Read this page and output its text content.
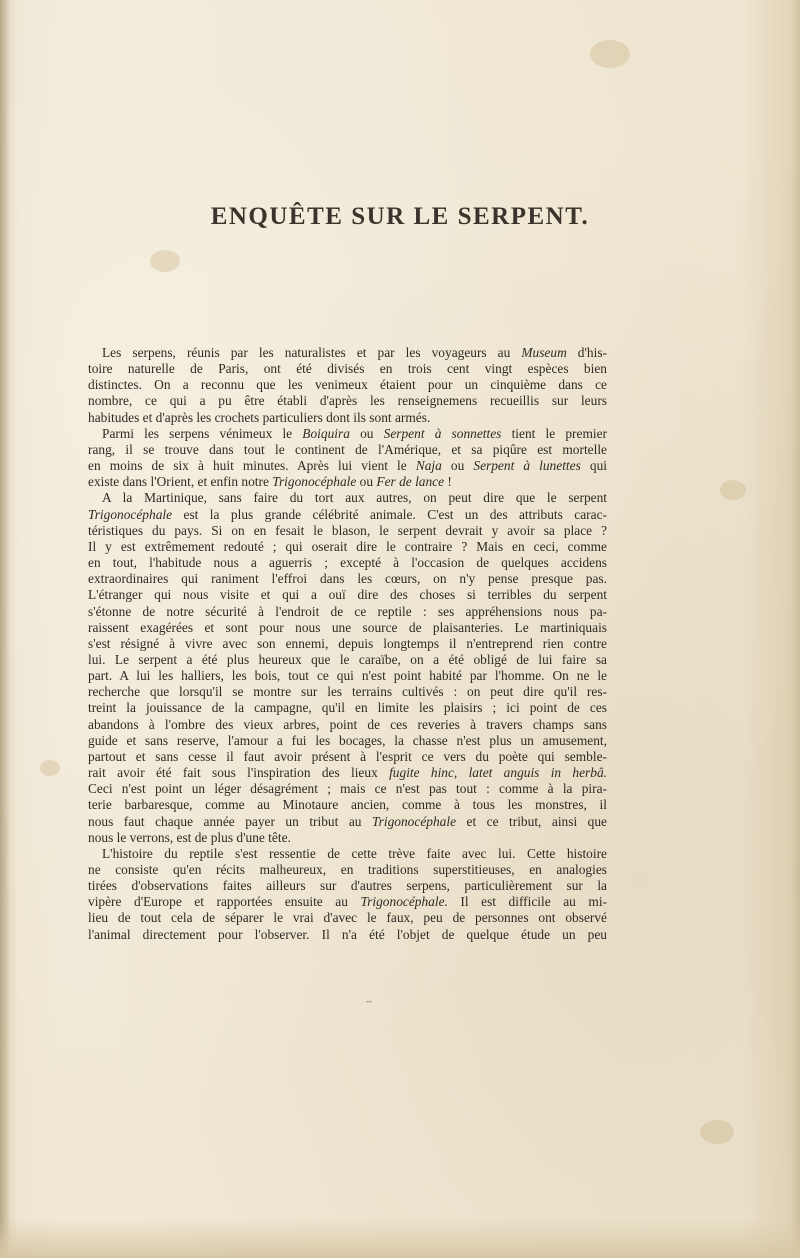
ENQUÊTE SUR LE SERPENT.
Les serpens, réunis par les naturalistes et par les voyageurs au Museum d'his-
toire naturelle de Paris, ont été divisés en trois cent vingt espèces bien
distinctes. On a reconnu que les venimeux étaient pour un cinquième dans ce
nombre, ce qui a pu être établi d'après les renseignemens recueillis sur leurs
habitudes et d'après les crochets particuliers dont ils sont armés.
Parmi les serpens vénimeux le Boiquira ou Serpent à sonnettes tient le premier
rang, il se trouve dans tout le continent de l'Amérique, et sa piqûre est mortelle
en moins de six à huit minutes. Après lui vient le Naja ou Serpent à lunettes qui
existe dans l'Orient, et enfin notre Trigonocéphale ou Fer de lance !
A la Martinique, sans faire du tort aux autres, on peut dire que le serpent
Trigonocéphale est la plus grande célébrité animale. C'est un des attributs carac-
téristiques du pays. Si on en fesait le blason, le serpent devrait y avoir sa place ?
Il y est extrêmement redouté ; qui oserait dire le contraire ? Mais en ceci, comme
en tout, l'habitude nous a aguerris ; excepté à l'occasion de quelques accidens
extraordinaires qui raniment l'effroi dans les cœurs, on n'y pense presque pas.
L'étranger qui nous visite et qui a ouï dire des choses si terribles du serpent
s'étonne de notre sécurité à l'endroit de ce reptile : ses appréhensions nous pa-
raissent exagérées et sont pour nous une source de plaisanteries. Le martiniquais
s'est résigné à vivre avec son ennemi, depuis longtemps il n'entreprend rien contre
lui. Le serpent a été plus heureux que le caraïbe, on a été obligé de lui faire sa
part. A lui les halliers, les bois, tout ce qui n'est point habité par l'homme. On ne le
recherche que lorsqu'il se montre sur les terrains cultivés : on peut dire qu'il res-
treint la jouissance de la campagne, qu'il en limite les plaisirs ; ici point de ces
abandons à l'ombre des vieux arbres, point de ces reveries à travers champs sans
guide et sans reserve, l'amour a fui les bocages, la chasse n'est plus un amusement,
partout et sans cesse il faut avoir présent à l'esprit ce vers du poète qui semble-
rait avoir été fait sous l'inspiration des lieux fugite hinc, latet anguis in herbâ.
Ceci n'est point un léger désagrément ; mais ce n'est pas tout : comme à la pira-
terie barbaresque, comme au Minotaure ancien, comme à tous les monstres, il
nous faut chaque année payer un tribut au Trigonocéphale et ce tribut, ainsi que
nous le verrons, est de plus d'une tête.
L'histoire du reptile s'est ressentie de cette trève faite avec lui. Cette histoire
ne consiste qu'en récits malheureux, en traditions superstitieuses, en analogies
tirées d'observations faites ailleurs sur d'autres serpens, particulièrement sur la
vipère d'Europe et rapportées ensuite au Trigonocéphale. Il est difficile au mi-
lieu de tout cela de séparer le vrai d'avec le faux, peu de personnes ont observé
l'animal directement pour l'observer. Il n'a été l'objet de quelque étude un peu
--
